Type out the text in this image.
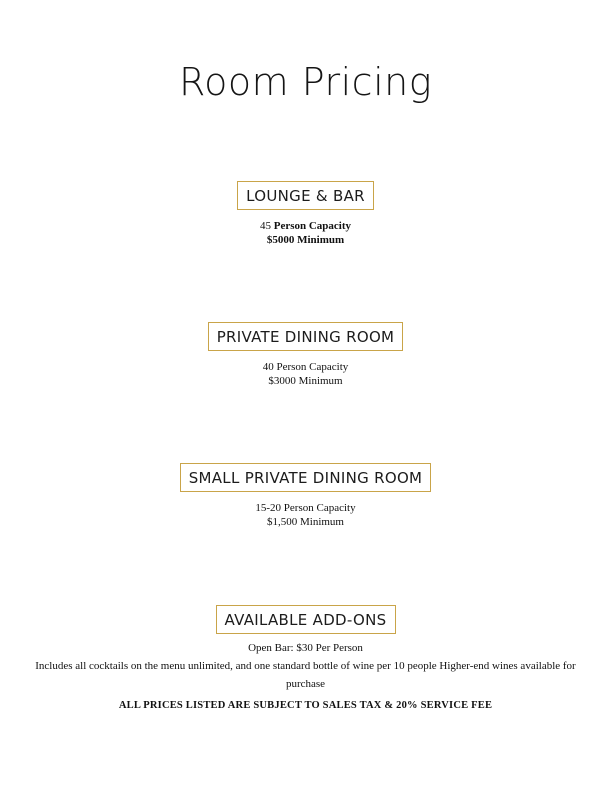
Room Pricing
LOUNGE & BAR
45 Person Capacity
$5000 Minimum
PRIVATE DINING ROOM
40 Person Capacity
$3000 Minimum
SMALL PRIVATE DINING ROOM
15-20 Person Capacity
$1,500 Minimum
AVAILABLE ADD-ONS
Open Bar: $30 Per Person
Includes all cocktails on the menu unlimited, and one standard bottle of wine per 10 people Higher-end wines available for purchase
ALL PRICES LISTED ARE SUBJECT TO SALES TAX & 20% SERVICE FEE
